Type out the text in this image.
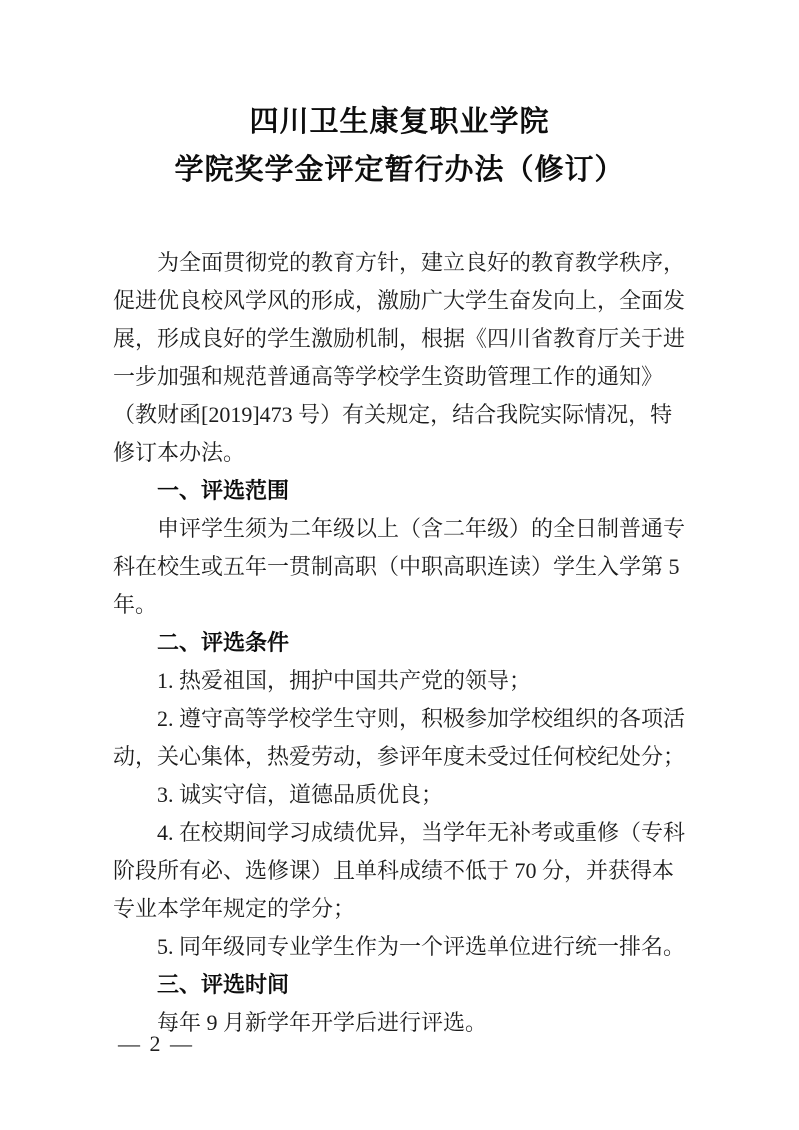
四川卫生康复职业学院
学院奖学金评定暂行办法（修订）
为全面贯彻党的教育方针，建立良好的教育教学秩序，
促进优良校风学风的形成，激励广大学生奋发向上，全面发
展，形成良好的学生激励机制，根据《四川省教育厅关于进
一步加强和规范普通高等学校学生资助管理工作的通知》
（教财函[2019]473 号）有关规定，结合我院实际情况，特
修订本办法。
一、评选范围
申评学生须为二年级以上（含二年级）的全日制普通专
科在校生或五年一贯制高职（中职高职连读）学生入学第 5
年。
二、评选条件
1. 热爱祖国，拥护中国共产党的领导；
2. 遵守高等学校学生守则，积极参加学校组织的各项活
动，关心集体，热爱劳动，参评年度未受过任何校纪处分；
3. 诚实守信，道德品质优良；
4. 在校期间学习成绩优异，当学年无补考或重修（专科
阶段所有必、选修课）且单科成绩不低于 70 分，并获得本
专业本学年规定的学分；
5. 同年级同专业学生作为一个评选单位进行统一排名。
三、评选时间
每年 9 月新学年开学后进行评选。
— 2 —
